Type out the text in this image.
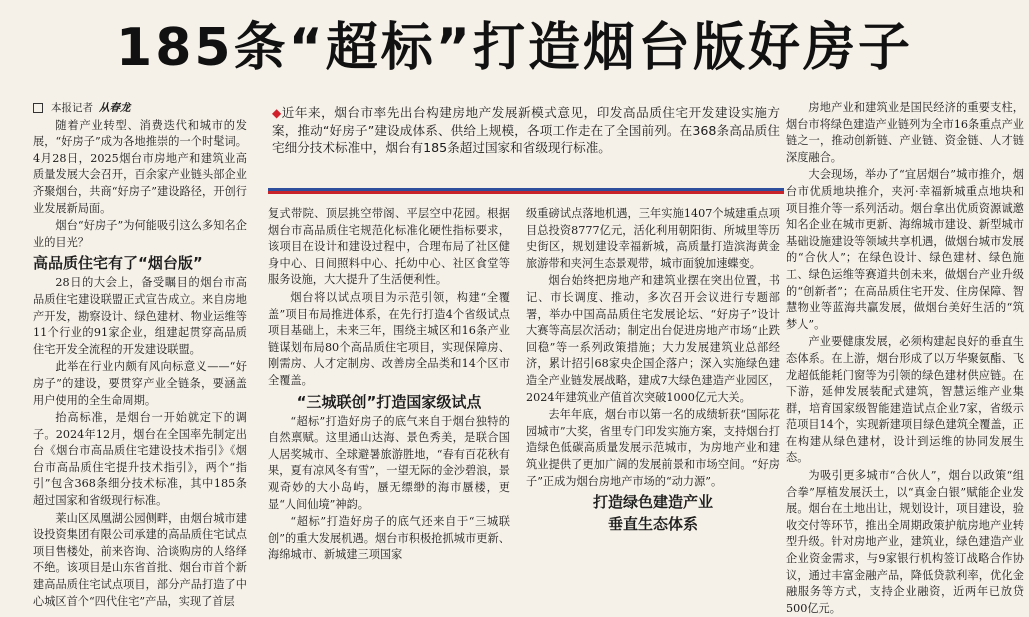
185条“超标”打造烟台版好房子

本报记者 从春龙

随着产业转型、消费迭代和城市的发展，“好房子”成为各地推崇的一个时髦词。4月28日，2025烟台市房地产和建筑业高质量发展大会召开，百余家产业链头部企业齐聚烟台，共商“好房子”建设路径，开创行业发展新局面。

烟台“好房子”为何能吸引这么多知名企业的目光？

高品质住宅有了“烟台版”

28日的大会上，备受瞩目的烟台市高品质住宅建设联盟正式宣告成立。来自房地产开发，勘察设计、绿色建材、物业运维等11个行业的91家企业，组建起贯穿高品质住宅开发全流程的开发建设联盟。

此举在行业内颇有风向标意义——“好房子”的建设，要贯穿产业全链条，要涵盖用户使用的全生命周期。

抬高标准，是烟台一开始就定下的调子。2024年12月，烟台在全国率先制定出台《烟台市高品质住宅建设技术指引》《烟台市高品质住宅提升技术指引》，两个“指引”包含368条细分技术标准，其中185条超过国家和省级现行标准。

莱山区凤凰湖公园侧畔，由烟台城市建设投资集团有限公司承建的高品质住宅试点项目售楼处，前来咨询、洽谈购房的人络绎不绝。该项目是山东省首批、烟台市首个新建高品质住宅试点项目，部分产品打造了中心城区首个“四代住宅”产品，实现了首层

◆近年来，烟台市率先出台构建房地产发展新模式意见，印发高品质住宅开发建设实施方案，推动“好房子”建设成体系、供给上规模，各项工作走在了全国前列。在368条高品质住宅细分技术标准中，烟台有185条超过国家和省级现行标准。

复式带院、顶层挑空带阁、平层空中花园。根据烟台市高品质住宅规范化标准化硬性指标要求，该项目在设计和建设过程中，合理布局了社区健身中心、日间照料中心、托幼中心、社区食堂等服务设施，大大提升了生活便利性。

烟台将以试点项目为示范引领，构建“全覆盖”项目布局推进体系，在先行打造4个省级试点项目基础上，未来三年，围绕主城区和16条产业链谋划布局80个高品质住宅项目，实现保障房、刚需房、人才定制房、改善房全品类和14个区市全覆盖。

“三城联创”打造国家级试点

“超标”打造好房子的底气来自于烟台独特的自然禀赋。这里通山达海、景色秀美，是联合国人居奖城市、全球避暑旅游胜地，“春有百花秋有果，夏有凉风冬有雪”，一望无际的金沙碧浪，景观奇妙的大小岛屿，蜃无缥缈的海市蜃楼，更显“人间仙境”神韵。

“超标”打造好房子的底气还来自于“三城联创”的重大发展机遇。烟台市积极抢抓城市更新、海绵城市、新城建三项国家

级重磅试点落地机遇，三年实施1407个城建重点项目总投资8777亿元，活化利用朝阳街、所城里等历史街区，规划建设幸福新城，高质量打造滨海黄金旅游带和夹河生态景观带，城市面貌加速蝶变。

烟台始终把房地产和建筑业摆在突出位置，书记、市长调度、推动，多次召开会议进行专题部署，举办中国高品质住宅发展论坛、“好房子”设计大赛等高层次活动；制定出台促进房地产市场“止跌回稳”等一系列政策措施；大力发展建筑业总部经济，累计招引68家央企国企落户；深入实施绿色建造全产业链发展战略，建成7大绿色建造产业园区，2024年建筑业产值首次突破1000亿元大关。

去年年底，烟台市以第一名的成绩斩获“国际花园城市”大奖，省里专门印发实施方案，支持烟台打造绿色低碳高质量发展示范城市，为房地产业和建筑业提供了更加广阔的发展前景和市场空间。“好房子”正成为烟台房地产市场的“动力源”。

打造绿色建造产业

垂直生态体系

房地产业和建筑业是国民经济的重要支柱，烟台市将绿色建造产业链列为全市16条重点产业链之一，推动创新链、产业链、资金链、人才链深度融合。

大会现场，举办了“宜居烟台”城市推介，烟台市优质地块推介，夹河·幸福新城重点地块和项目推介等一系列活动。烟台拿出优质资源诚邀知名企业在城市更新、海绵城市建设、新型城市基础设施建设等领域共享机遇，做烟台城市发展的“合伙人”；在绿色设计、绿色建材、绿色施工、绿色运维等赛道共创未来，做烟台产业升级的“创新者”；在高品质住宅开发、住房保障、智慧物业等蓝海共赢发展，做烟台美好生活的“筑梦人”。

产业要健康发展，必须构建起良好的垂直生态体系。在上游，烟台形成了以万华聚氨酯、飞龙超低能耗门窗等为引领的绿色建材供应链。在下游，延伸发展装配式建筑，智慧运维产业集群，培育国家级智能建造试点企业7家，省级示范项目14个，实现新建项目绿色建筑全覆盖，正在构建从绿色建材，设计到运维的协同发展生态。

为吸引更多城市“合伙人”，烟台以政策“组合拳”厚植发展沃土，以“真金白银”赋能企业发展。烟台在土地出让，规划设计，项目建设，验收交付等环节，推出全周期政策护航房地产业转型升级。针对房地产业，建筑业，绿色建造产业企业资金需求，与9家银行机构签订战略合作协议，通过丰富金融产品，降低贷款利率，优化金融服务等方式，支持企业融资，近两年已放贷500亿元。
